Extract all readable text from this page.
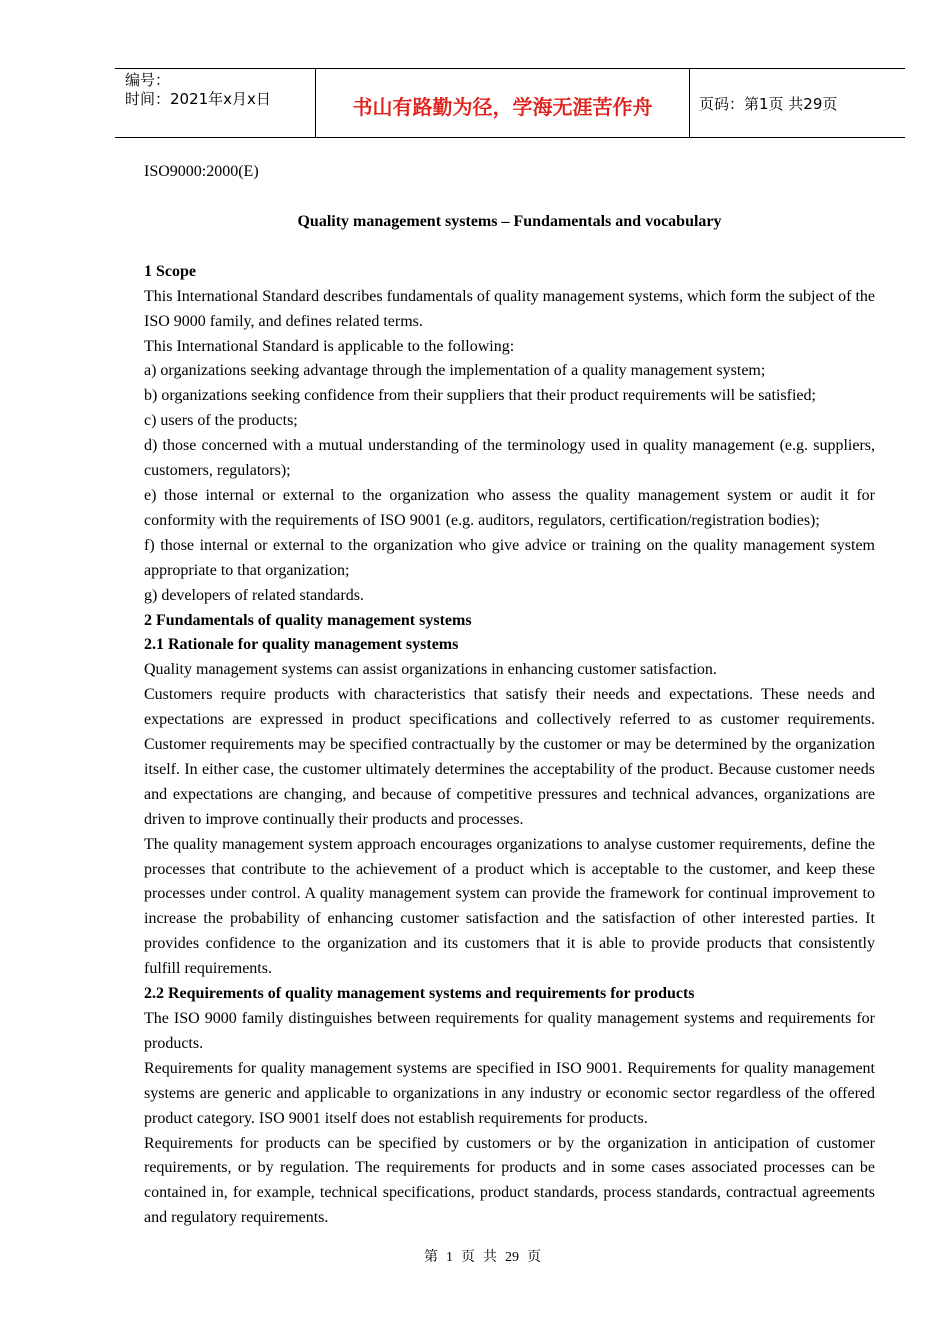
编号：
时间：2021年x月x日	书山有路勤为径，学海无涯苦作舟	页码：第1页 共29页

ISO9000:2000(E)

Quality management systems – Fundamentals and vocabulary

1 Scope

This International Standard describes fundamentals of quality management systems, which form the subject of the ISO 9000 family, and defines related terms.

This International Standard is applicable to the following:

a) organizations seeking advantage through the implementation of a quality management system;

b) organizations seeking confidence from their suppliers that their product requirements will be satisfied;

c) users of the products;

d) those concerned with a mutual understanding of the terminology used in quality management (e.g. suppliers, customers, regulators);

e) those internal or external to the organization who assess the quality management system or audit it for conformity with the requirements of ISO 9001 (e.g. auditors, regulators, certification/registration bodies);

f) those internal or external to the organization who give advice or training on the quality management system appropriate to that organization;

g) developers of related standards.

2 Fundamentals of quality management systems

2.1 Rationale for quality management systems

Quality management systems can assist organizations in enhancing customer satisfaction.

Customers require products with characteristics that satisfy their needs and expectations. These needs and expectations are expressed in product specifications and collectively referred to as customer requirements. Customer requirements may be specified contractually by the customer or may be determined by the organization itself. In either case, the customer ultimately determines the acceptability of the product. Because customer needs and expectations are changing, and because of competitive pressures and technical advances, organizations are driven to improve continually their products and processes.

The quality management system approach encourages organizations to analyse customer requirements, define the processes that contribute to the achievement of a product which is acceptable to the customer, and keep these processes under control. A quality management system can provide the framework for continual improvement to increase the probability of enhancing customer satisfaction and the satisfaction of other interested parties. It provides confidence to the organization and its customers that it is able to provide products that consistently fulfill requirements.

2.2 Requirements of quality management systems and requirements for products

The ISO 9000 family distinguishes between requirements for quality management systems and requirements for products.

Requirements for quality management systems are specified in ISO 9001. Requirements for quality management systems are generic and applicable to organizations in any industry or economic sector regardless of the offered product category. ISO 9001 itself does not establish requirements for products.

Requirements for products can be specified by customers or by the organization in anticipation of customer requirements, or by regulation. The requirements for products and in some cases associated processes can be contained in, for example, technical specifications, product standards, process standards, contractual agreements and regulatory requirements.

第 1 页 共 29 页
